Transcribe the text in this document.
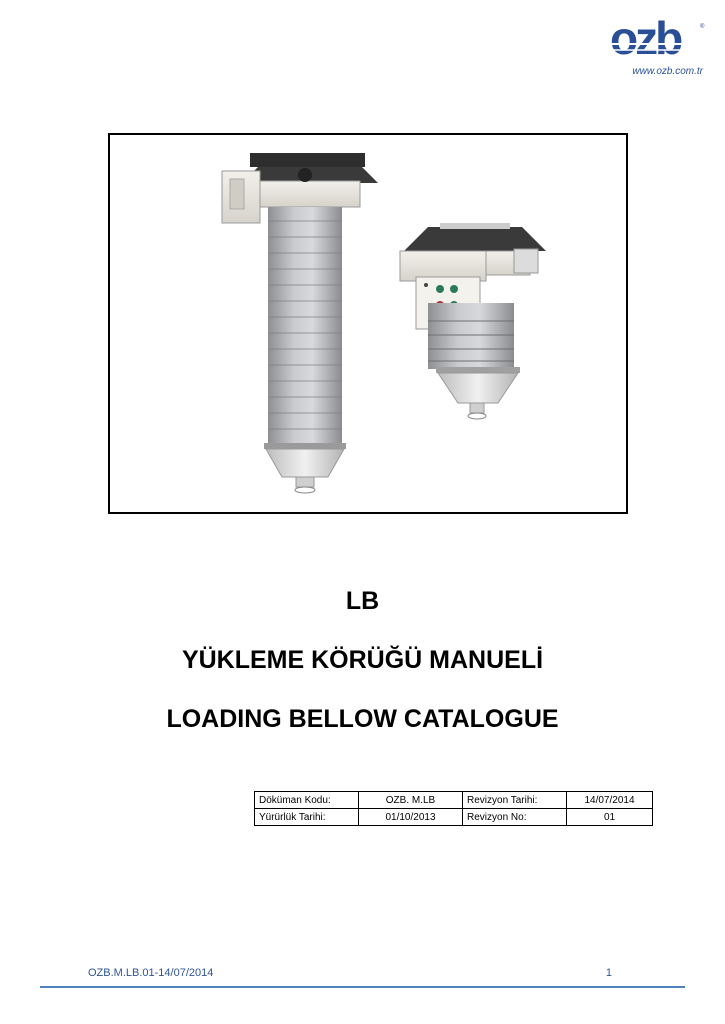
ozb	®
www.ozb.com.tr
LB
YÜKLEME KÖRÜĞÜ MANUELİ
LOADING BELLOW CATALOGUE
Döküman Kodu:	OZB. M.LB	Revizyon Tarihi:	14/07/2014
Yürürlük Tarihi:	01/10/2013	Revizyon No:	01
OZB.M.LB.01-14/07/2014	1
